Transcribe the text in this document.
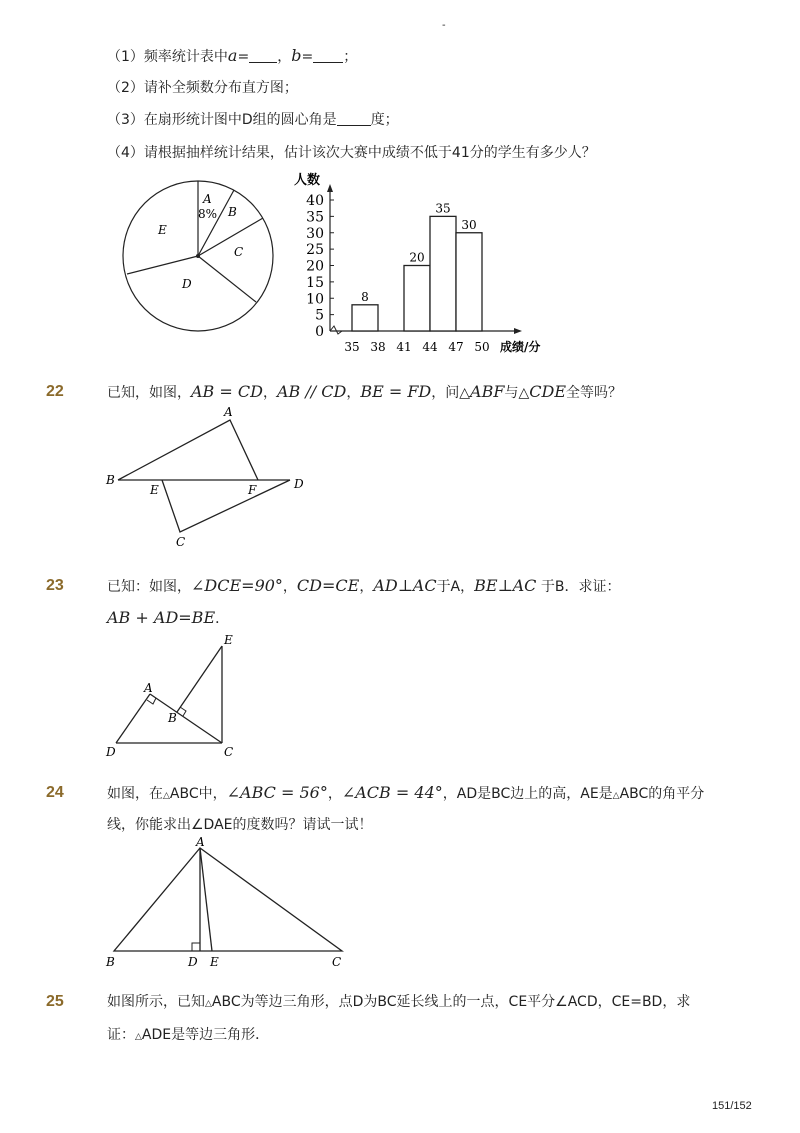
-
（1）频率统计表中a= ，b= ；
（2）请补全频数分布直方图；
（3）在扇形统计图中D组的圆心角是 度；
（4）请根据抽样统计结果，估计该次大赛中成绩不低于41分的学生有多少人？
A
8% B
C
D
E
0
5
10
15
20
25
30
35
40
35 38 41 44 47 50
8
20
35
30
人数
成绩/分
22	已知，如图，AB = CD，AB // CD，BE = FD，问△ABF与△CDE全等吗？
A
B
E	F	D
C
23	已知：如图，∠DCE=90°，CD=CE，AD⊥AC于A，BE⊥AC 于B．求证：
AB + AD=BE．
E
A
B
D	C
24	如图，在△ABC中，∠ABC = 56°，∠ACB = 44°，AD是BC边上的高，AE是△ABC的角平分
线，你能求出∠DAE的度数吗？请试一试！
A
B	D E	C
25	如图所示，已知△ABC为等边三角形，点D为BC延长线上的一点，CE平分∠ACD，CE=BD，求
证：△ADE是等边三角形．
151/152
